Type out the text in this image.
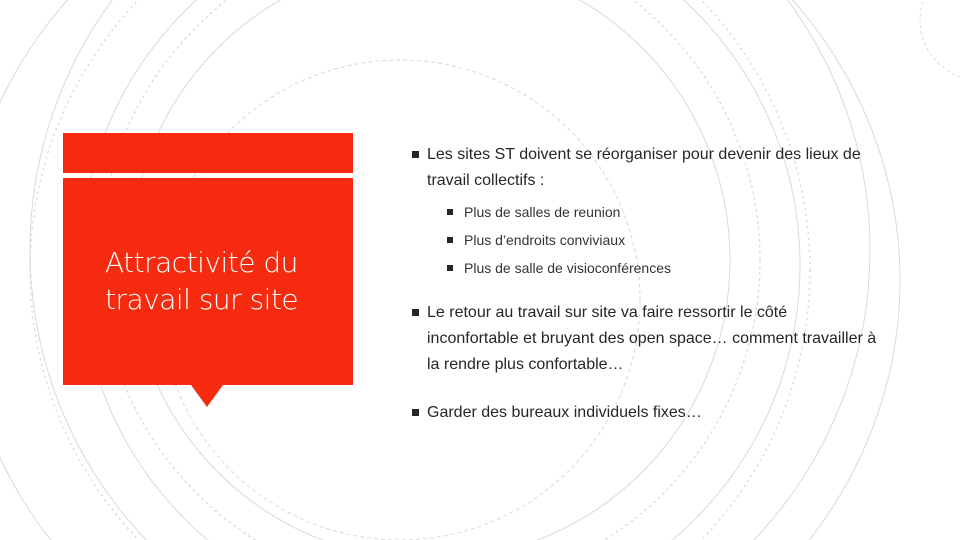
Attractivité du
travail sur site
Les sites ST doivent se réorganiser pour devenir des lieux de travail collectifs :
Plus de salles de reunion
Plus d’endroits conviviaux
Plus de salle de visioconférences
Le retour au travail sur site va faire ressortir le côté inconfortable et bruyant des open space… comment travailler à la rendre plus confortable…
Garder des bureaux individuels fixes…
